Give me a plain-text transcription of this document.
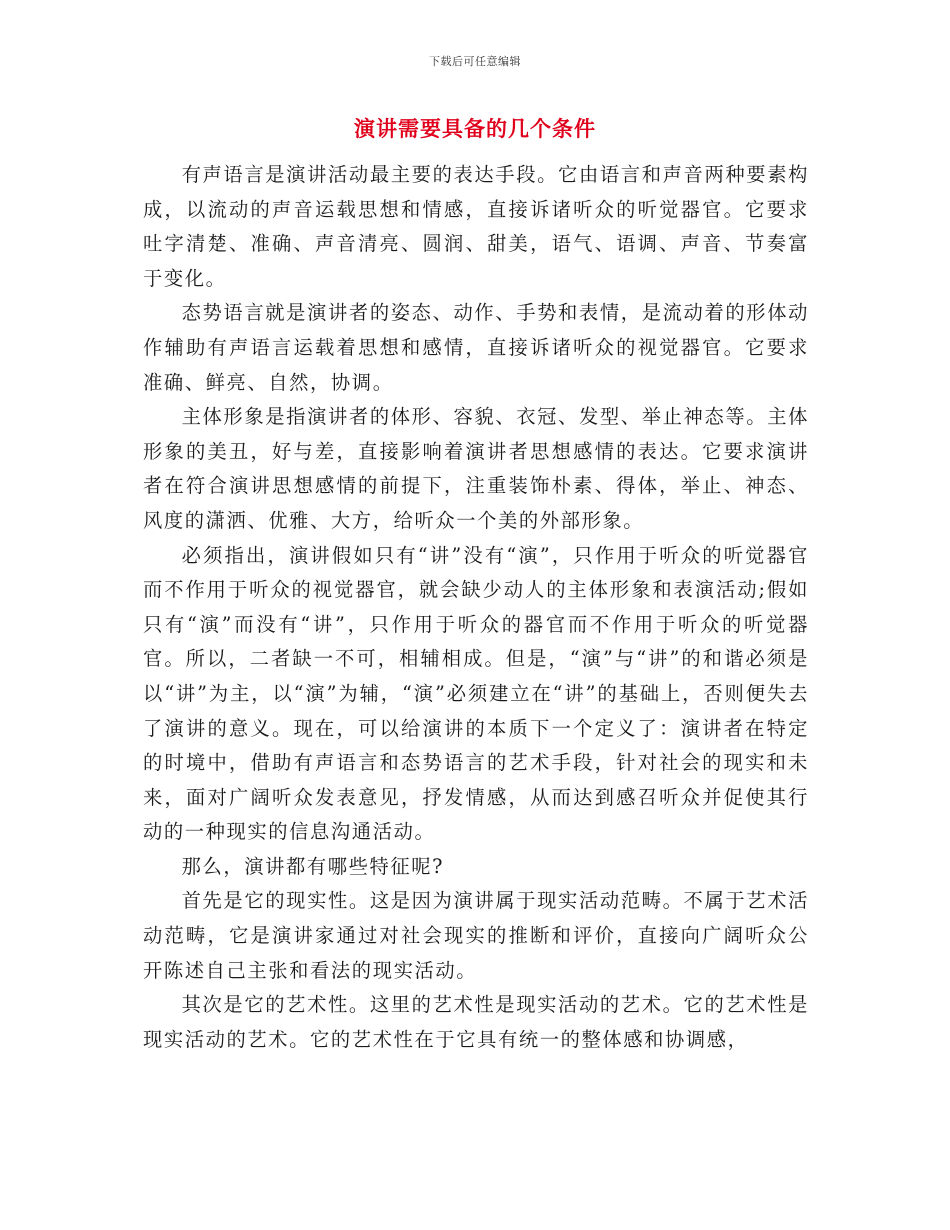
下载后可任意编辑
演讲需要具备的几个条件

有声语言是演讲活动最主要的表达手段。它由语言和声音两种要素构成，以流动的声音运载思想和情感，直接诉诸听众的听觉器官。它要求吐字清楚、准确、声音清亮、圆润、甜美，语气、语调、声音、节奏富于变化。

态势语言就是演讲者的姿态、动作、手势和表情，是流动着的形体动作辅助有声语言运载着思想和感情，直接诉诸听众的视觉器官。它要求准确、鲜亮、自然，协调。

主体形象是指演讲者的体形、容貌、衣冠、发型、举止神态等。主体形象的美丑，好与差，直接影响着演讲者思想感情的表达。它要求演讲者在符合演讲思想感情的前提下，注重装饰朴素、得体，举止、神态、风度的潇洒、优雅、大方，给听众一个美的外部形象。

必须指出，演讲假如只有“讲”没有“演”，只作用于听众的听觉器官而不作用于听众的视觉器官，就会缺少动人的主体形象和表演活动;假如只有“演”而没有“讲”，只作用于听众的器官而不作用于听众的听觉器官。所以，二者缺一不可，相辅相成。但是，“演”与“讲”的和谐必须是以“讲”为主，以“演”为辅，“演”必须建立在“讲”的基础上，否则便失去了演讲的意义。现在，可以给演讲的本质下一个定义了：演讲者在特定的时境中，借助有声语言和态势语言的艺术手段，针对社会的现实和未来，面对广阔听众发表意见，抒发情感，从而达到感召听众并促使其行动的一种现实的信息沟通活动。

那么，演讲都有哪些特征呢?

首先是它的现实性。这是因为演讲属于现实活动范畴。不属于艺术活动范畴，它是演讲家通过对社会现实的推断和评价，直接向广阔听众公开陈述自己主张和看法的现实活动。

其次是它的艺术性。这里的艺术性是现实活动的艺术。它的艺术性是现实活动的艺术。它的艺术性在于它具有统一的整体感和协调感，
